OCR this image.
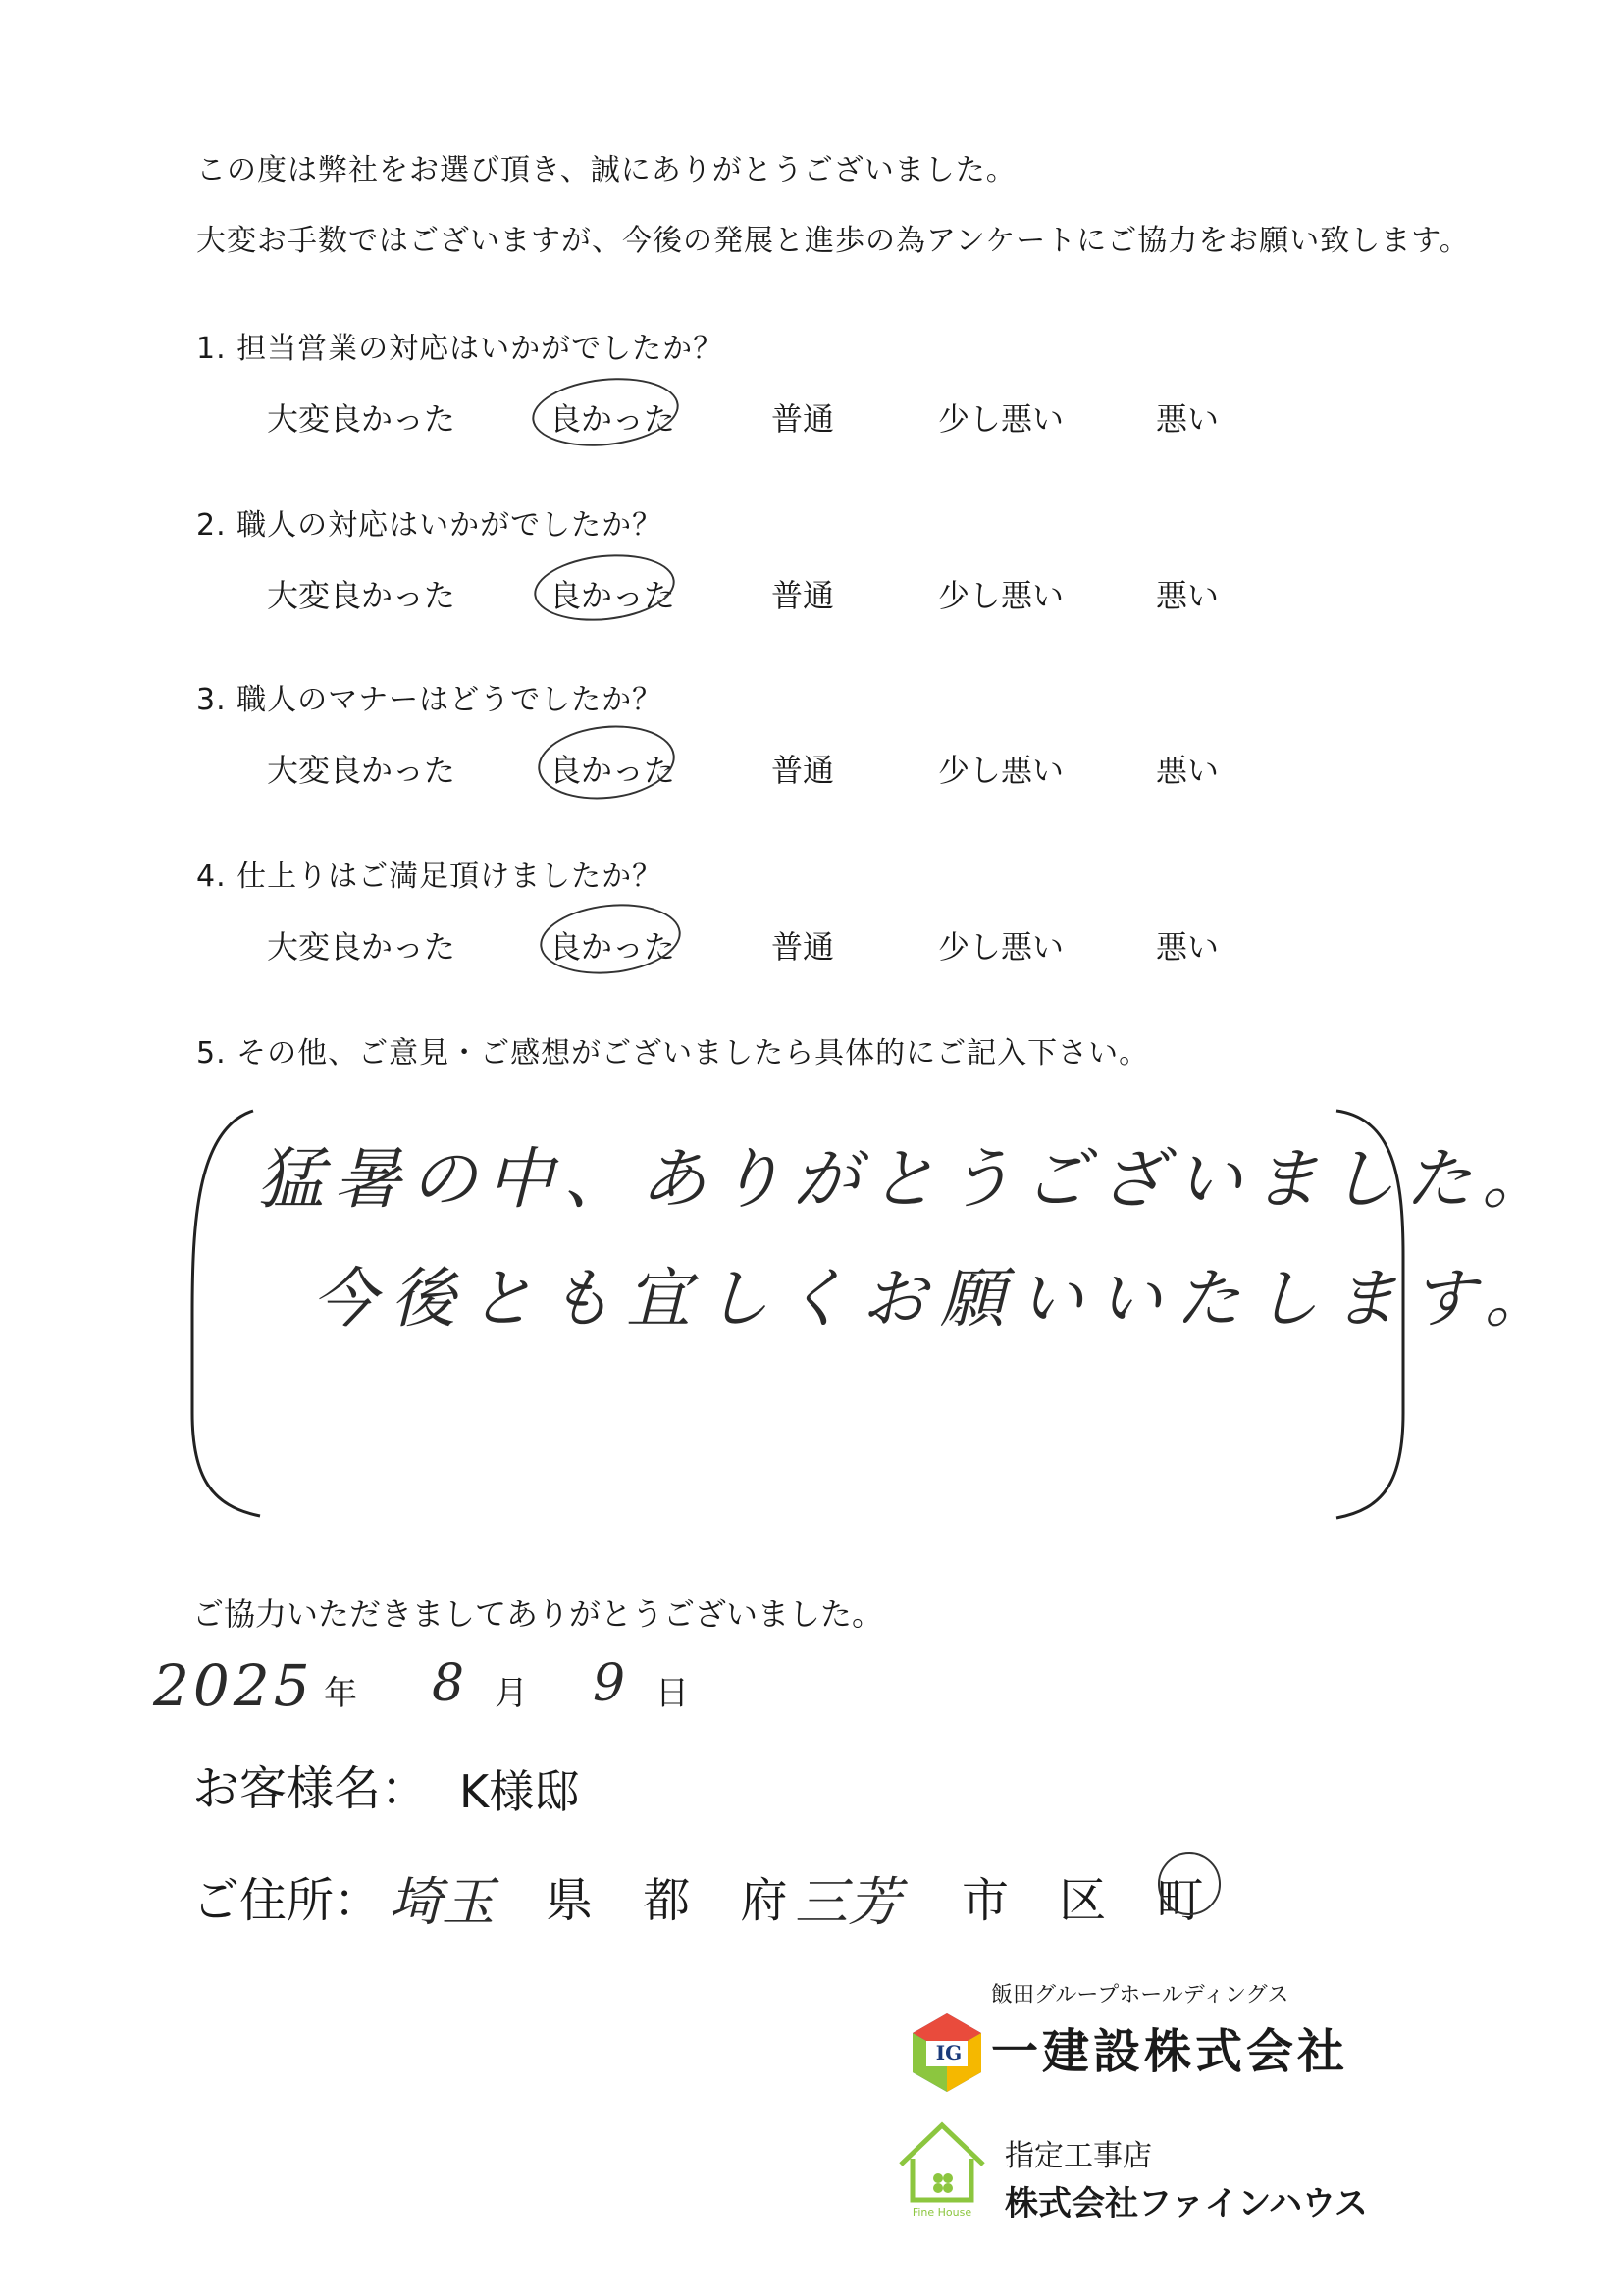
この度は弊社をお選び頂き、誠にありがとうございました。
大変お手数ではございますが、今後の発展と進歩の為アンケートにご協力をお願い致します。
1. 担当営業の対応はいかがでしたか？
大変良かった	良かった	普通	少し悪い	悪い
2. 職人の対応はいかがでしたか？
大変良かった	良かった	普通	少し悪い	悪い
3. 職人のマナーはどうでしたか？
大変良かった	良かった	普通	少し悪い	悪い
4. 仕上りはご満足頂けましたか？
大変良かった	良かった	普通	少し悪い	悪い
5. その他、ご意見・ご感想がございましたら具体的にご記入下さい。
猛暑の中、ありがとうございました。
今後とも宜しくお願いいたします。
ご協力いただきましてありがとうございました。
2025 年 8 月 9 日
お客様名： K様邸
ご住所： 埼玉 県 都 府
三芳 市 区 町
飯田グループホールディングス
IG 一建設株式会社
Fine House
指定工事店
株式会社ファインハウス
